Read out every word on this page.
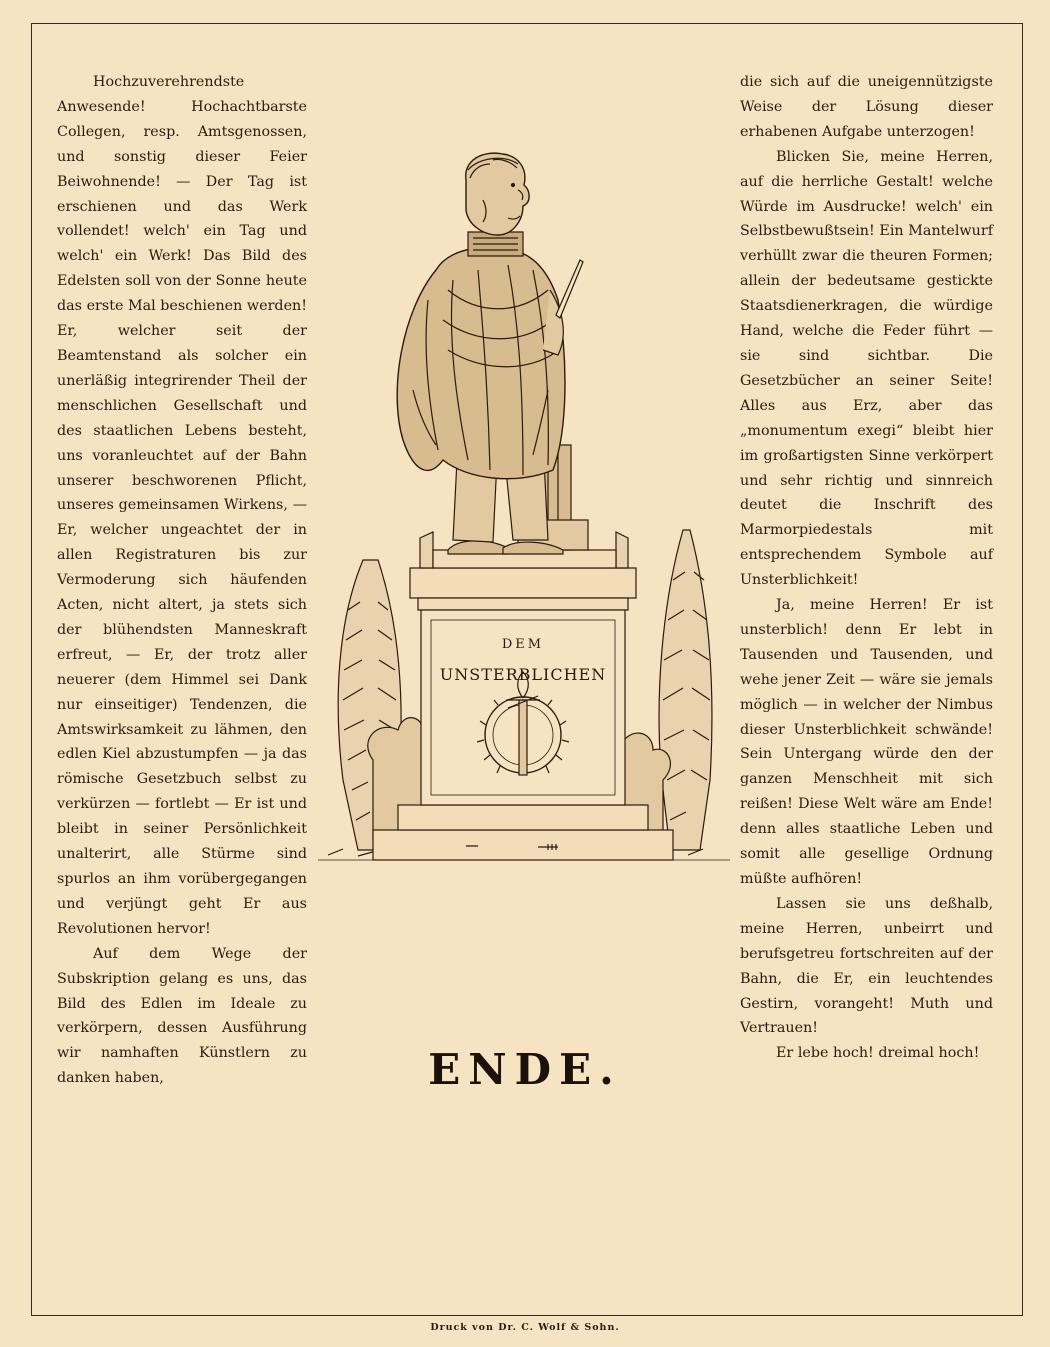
Hochzuverehrendste Anwesende! Hochachtbarste Collegen, resp. Amtsgenossen, und sonstig dieser Feier Beiwohnende! — Der Tag ist erschienen und das Werk vollendet! welch' ein Tag und welch' ein Werk! Das Bild des Edelsten soll von der Sonne heute das erste Mal beschienen werden! Er, welcher seit der Beamtenstand als solcher ein unerläßig integrirender Theil der menschlichen Gesellschaft und des staatlichen Lebens besteht, uns voranleuchtet auf der Bahn unserer beschworenen Pflicht, unseres gemeinsamen Wirkens, — Er, welcher ungeachtet der in allen Registraturen bis zur Vermoderung sich häufenden Acten, nicht altert, ja stets sich der blühendsten Manneskraft erfreut, — Er, der trotz aller neuerer (dem Himmel sei Dank nur einseitiger) Tendenzen, die Amtswirksamkeit zu lähmen, den edlen Kiel abzustumpfen — ja das römische Gesetzbuch selbst zu verkürzen — fortlebt — Er ist und bleibt in seiner Persönlichkeit unalterirt, alle Stürme sind spurlos an ihm vorübergegangen und verjüngt geht Er aus Revolutionen hervor!

Auf dem Wege der Subskription gelang es uns, das Bild des Edlen im Ideale zu verkörpern, dessen Ausführung wir namhaften Künstlern zu danken haben,

die sich auf die uneigennützigste Weise der Lösung dieser erhabenen Aufgabe unterzogen!

Blicken Sie, meine Herren, auf die herrliche Gestalt! welche Würde im Ausdrucke! welch' ein Selbstbewußtsein! Ein Mantelwurf verhüllt zwar die theuren Formen; allein der bedeutsame gestickte Staatsdienerkragen, die würdige Hand, welche die Feder führt — sie sind sichtbar. Die Gesetzbücher an seiner Seite! Alles aus Erz, aber das „monumentum exegi“ bleibt hier im großartigsten Sinne verkörpert und sehr richtig und sinnreich deutet die Inschrift des Marmorpiedestals mit entsprechendem Symbole auf Unsterblichkeit!

Ja, meine Herren! Er ist unsterblich! denn Er lebt in Tausenden und Tausenden, und wehe jener Zeit — wäre sie jemals möglich — in welcher der Nimbus dieser Unsterblichkeit schwände! Sein Untergang würde den der ganzen Menschheit mit sich reißen! Diese Welt wäre am Ende! denn alles staatliche Leben und somit alle gesellige Ordnung müßte aufhören!

Lassen sie uns deßhalb, meine Herren, unbeirrt und berufsgetreu fortschreiten auf der Bahn, die Er, ein leuchtendes Gestirn, vorangeht! Muth und Vertrauen!

Er lebe hoch! dreimal hoch!

DEM
UNSTERBLICHEN
ENDE.
Druck von Dr. C. Wolf & Sohn.
